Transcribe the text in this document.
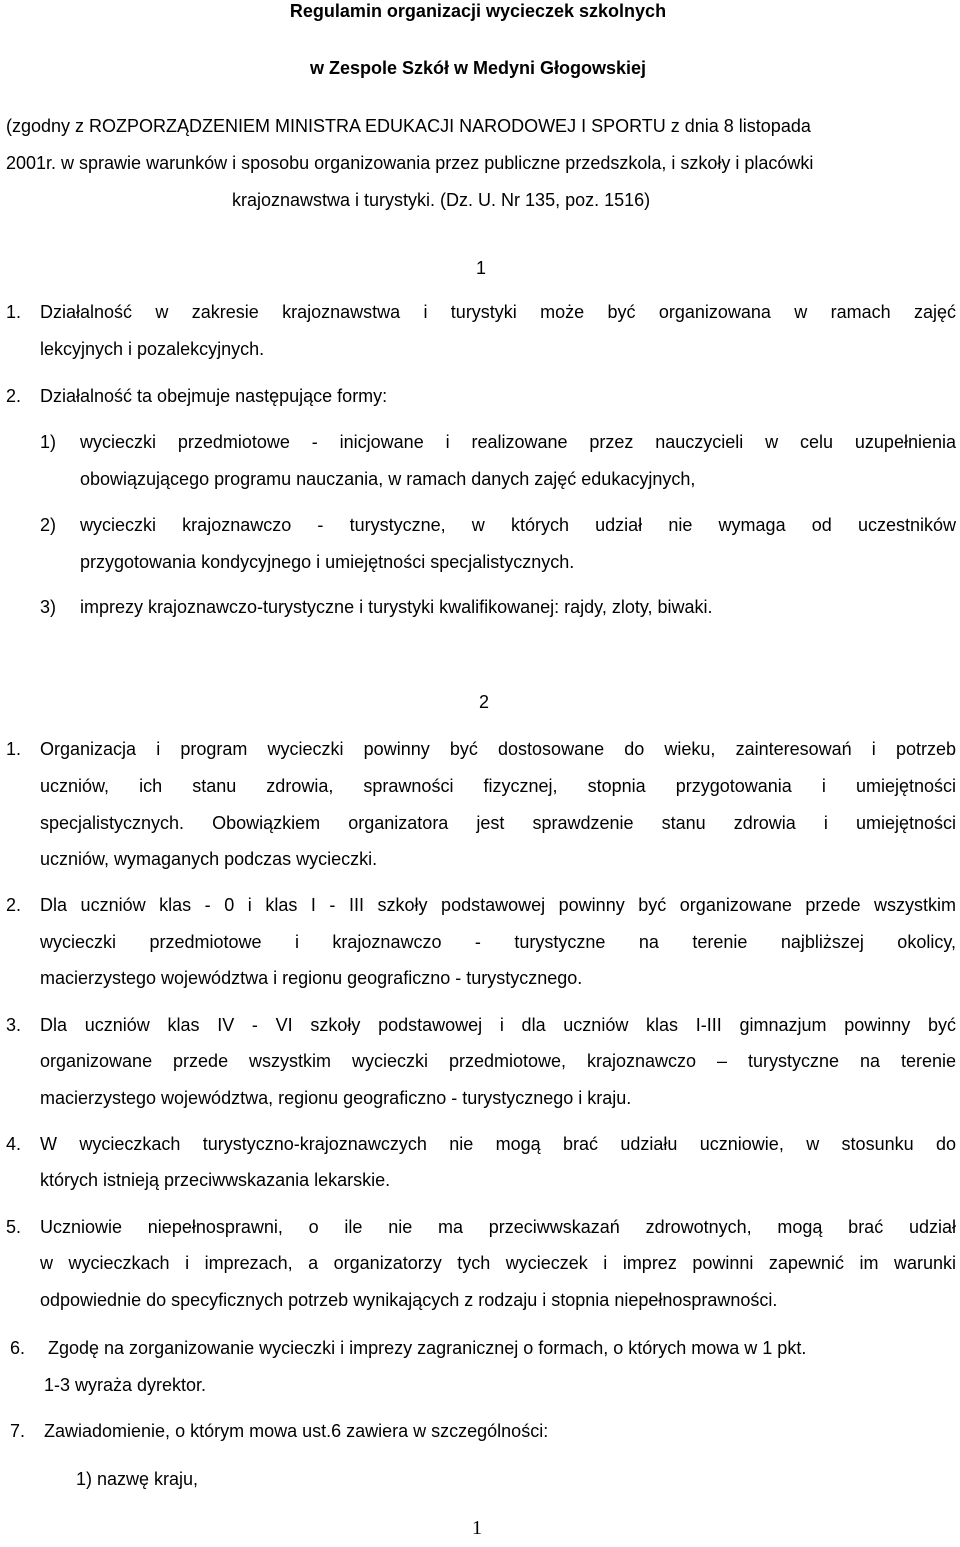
Regulamin organizacji wycieczek szkolnych
w Zespole Szkół w Medyni Głogowskiej
(zgodny z ROZPORZĄDZENIEM MINISTRA EDUKACJI NARODOWEJ I SPORTU z dnia 8 listopada
2001r. w sprawie warunków i sposobu organizowania przez publiczne przedszkola, i szkoły i placówki
krajoznawstwa i turystyki. (Dz. U. Nr 135, poz. 1516)
1
1. Działalność w zakresie krajoznawstwa i turystyki może być organizowana w ramach zajęć
lekcyjnych i pozalekcyjnych.
2. Działalność ta obejmuje następujące formy:
1) wycieczki przedmiotowe - inicjowane i realizowane przez nauczycieli w celu uzupełnienia
obowiązującego programu nauczania, w ramach danych zajęć edukacyjnych,
2) wycieczki krajoznawczo - turystyczne, w których udział nie wymaga od uczestników
przygotowania kondycyjnego i umiejętności specjalistycznych.
3) imprezy krajoznawczo-turystyczne i turystyki kwalifikowanej: rajdy, zloty, biwaki.
2
1. Organizacja i program wycieczki powinny być dostosowane do wieku, zainteresowań i potrzeb
uczniów, ich stanu zdrowia, sprawności fizycznej, stopnia przygotowania i umiejętności
specjalistycznych. Obowiązkiem organizatora jest sprawdzenie stanu zdrowia i umiejętności
uczniów, wymaganych podczas wycieczki.
2. Dla uczniów klas - 0 i klas I - III szkoły podstawowej powinny być organizowane przede wszystkim
wycieczki przedmiotowe i krajoznawczo - turystyczne na terenie najbliższej okolicy,
macierzystego województwa i regionu geograficzno - turystycznego.
3. Dla uczniów klas IV - VI szkoły podstawowej i dla uczniów klas I-III gimnazjum powinny być
organizowane przede wszystkim wycieczki przedmiotowe, krajoznawczo – turystyczne na terenie
macierzystego województwa, regionu geograficzno - turystycznego i kraju.
4. W wycieczkach turystyczno-krajoznawczych nie mogą brać udziału uczniowie, w stosunku do
których istnieją przeciwwskazania lekarskie.
5. Uczniowie niepełnosprawni, o ile nie ma przeciwwskazań zdrowotnych, mogą brać udział
w wycieczkach i imprezach, a organizatorzy tych wycieczek i imprez powinni zapewnić im warunki
odpowiednie do specyficznych potrzeb wynikających z rodzaju i stopnia niepełnosprawności.
6. Zgodę na zorganizowanie wycieczki i imprezy zagranicznej o formach, o których mowa w 1 pkt.
1-3 wyraża dyrektor.
7. Zawiadomienie, o którym mowa ust.6 zawiera w szczególności:
1) nazwę kraju,
1
